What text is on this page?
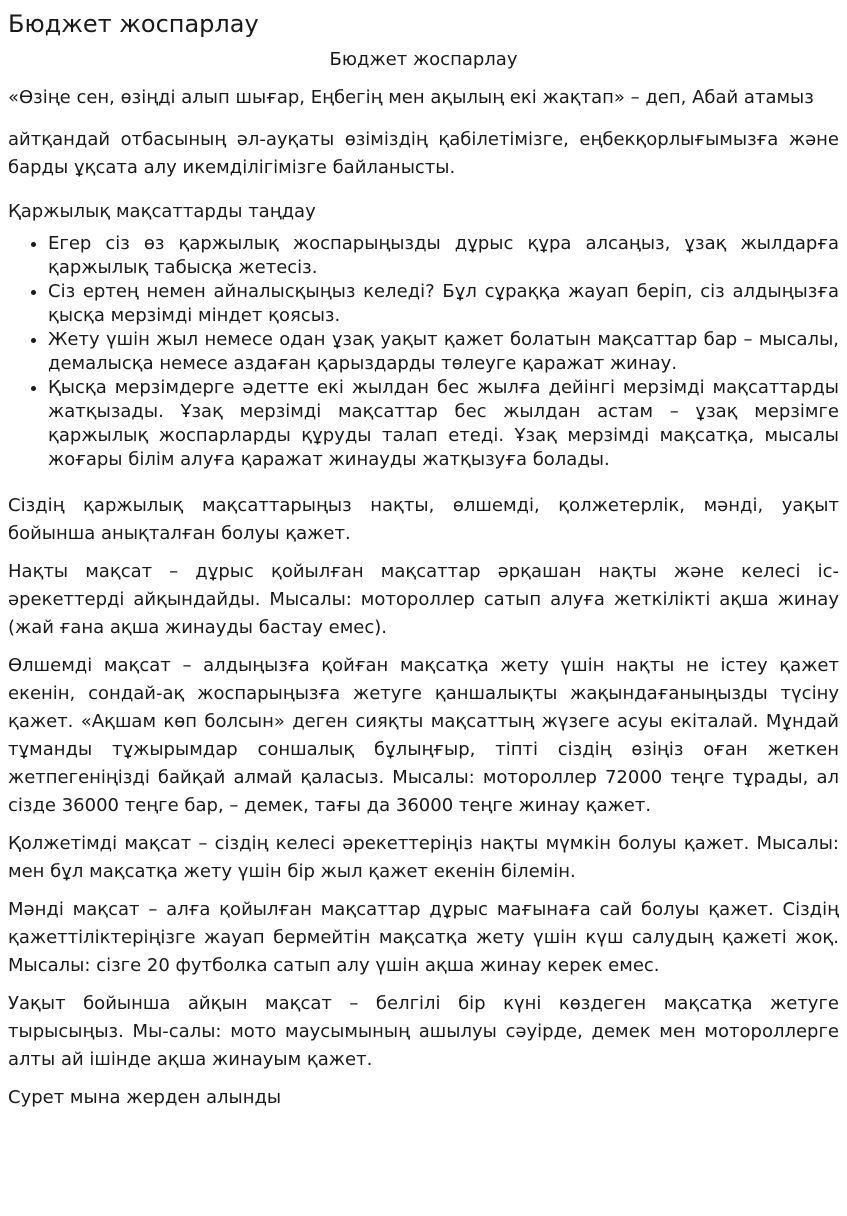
Бюджет жоспарлау
Бюджет жоспарлау

«Өзіңе сен, өзіңді алып шығар, Еңбегің мен ақылың екі жақтап» – деп, Абай атамыз

айтқандай отбасының әл-ауқаты өзіміздің қабілетімізге, еңбекқорлығымызға және барды ұқсата алу икемділігімізге байланысты.

Қаржылық мақсаттарды таңдау

• Егер сіз өз қаржылық жоспарыңызды дұрыс құра алсаңыз, ұзақ жылдарға қаржылық табысқа жетесіз.
• Сіз ертең немен айналысқыңыз келеді? Бұл сұраққа жауап беріп, сіз алдыңызға қысқа мерзімді міндет қоясыз.
• Жету үшін жыл немесе одан ұзақ уақыт қажет болатын мақсаттар бар – мысалы, демалысқа немесе аздаған қарыздарды төлеуге қаражат жинау.
• Қысқа мерзімдерге әдетте екі жылдан бес жылға дейінгі мерзімді мақсаттарды жатқызады. Ұзақ мерзімді мақсаттар бес жылдан астам – ұзақ мерзімге қаржылық жоспарларды құруды талап етеді. Ұзақ мерзімді мақсатқа, мысалы жоғары білім алуға қаражат жинауды жатқызуға болады.

Сіздің қаржылық мақсаттарыңыз нақты, өлшемді, қолжетерлік, мәнді, уақыт бойынша анықталған болуы қажет.

Нақты мақсат – дұрыс қойылған мақсаттар әрқашан нақты және келесі іс-әрекеттерді айқындайды. Мысалы: мотороллер сатып алуға жеткілікті ақша жинау (жай ғана ақша жинауды бастау емес).

Өлшемді мақсат – алдыңызға қойған мақсатқа жету үшін нақты не істеу қажет екенін, сондай-ақ жоспарыңызға жетуге қаншалықты жақындағаныңызды түсіну қажет. «Ақшам көп болсын» деген сияқты мақсаттың жүзеге асуы екіталай. Мұндай тұманды тұжырымдар соншалық бұлыңғыр, тіпті сіздің өзіңіз оған жеткен жетпегеніңізді байқай алмай қаласыз. Мысалы: мотороллер 72000 теңге тұрады, ал сізде 36000 теңге бар, – демек, тағы да 36000 теңге жинау қажет.

Қолжетімді мақсат – сіздің келесі әрекеттеріңіз нақты мүмкін болуы қажет. Мысалы: мен бұл мақсатқа жету үшін бір жыл қажет екенін білемін.

Мәнді мақсат – алға қойылған мақсаттар дұрыс мағынаға сай болуы қажет. Сіздің қажеттіліктеріңізге жауап бермейтін мақсатқа жету үшін күш салудың қажеті жоқ. Мысалы: сізге 20 футболка сатып алу үшін ақша жинау керек емес.

Уақыт бойынша айқын мақсат – белгілі бір күні көздеген мақсатқа жетуге тырысыңыз. Мы-салы: мото маусымының ашылуы сәуірде, демек мен мотороллерге алты ай ішінде ақша жинауым қажет.

Сурет мына жерден алынды
